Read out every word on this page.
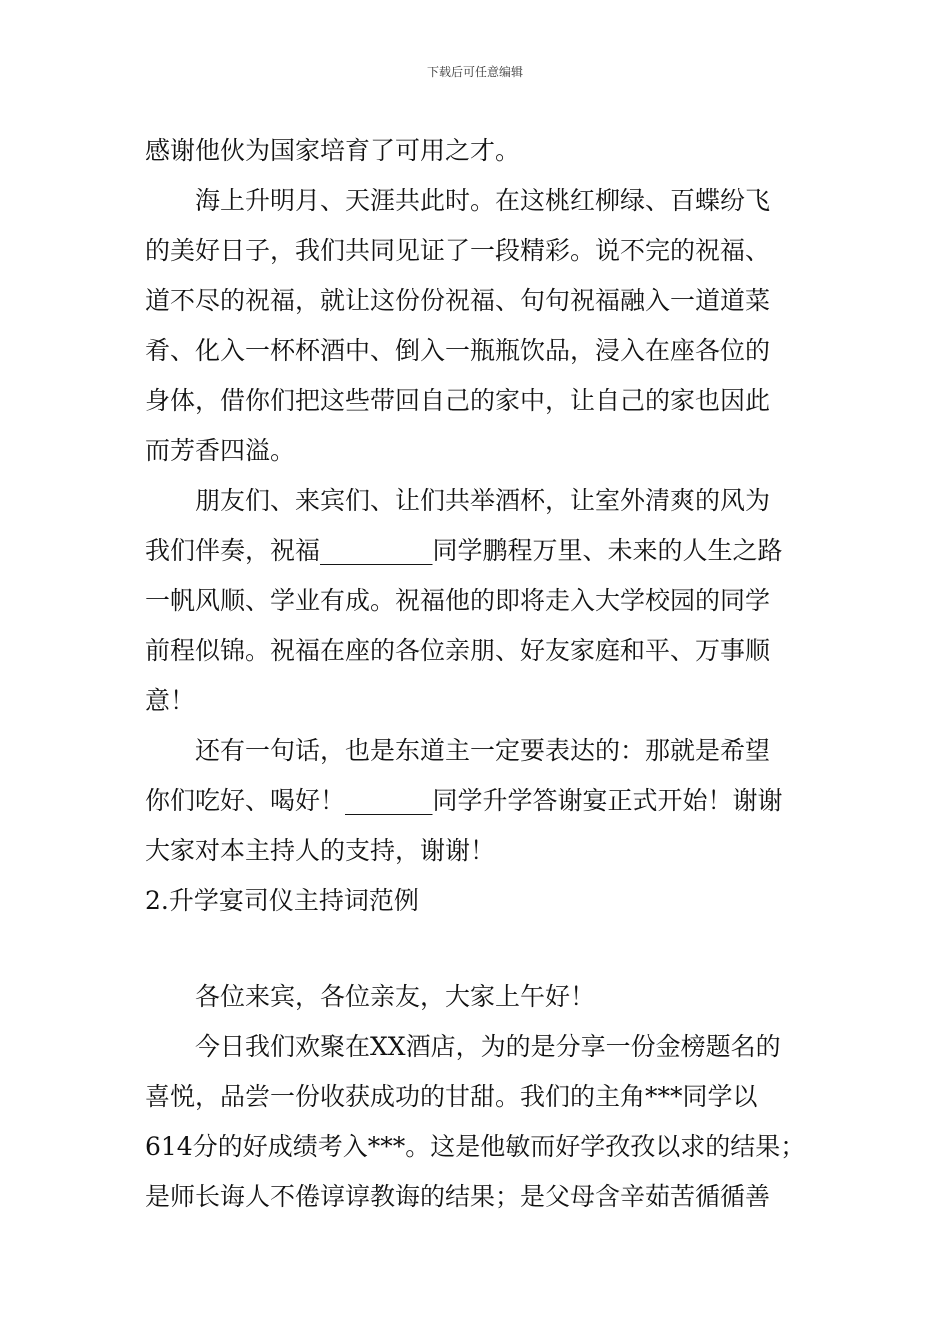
下载后可任意编辑
感谢他伙为国家培育了可用之才。
海上升明月、天涯共此时。在这桃红柳绿、百蝶纷飞
的美好日子，我们共同见证了一段精彩。说不完的祝福、
道不尽的祝福，就让这份份祝福、句句祝福融入一道道菜
肴、化入一杯杯酒中、倒入一瓶瓶饮品，浸入在座各位的
身体，借你们把这些带回自己的家中，让自己的家也因此
而芳香四溢。
朋友们、来宾们、让们共举酒杯，让室外清爽的风为
我们伴奏，祝福_________同学鹏程万里、未来的人生之路
一帆风顺、学业有成。祝福他的即将走入大学校园的同学
前程似锦。祝福在座的各位亲朋、好友家庭和平、万事顺
意！
还有一句话，也是东道主一定要表达的：那就是希望
你们吃好、喝好！_______同学升学答谢宴正式开始！谢谢
大家对本主持人的支持，谢谢！
2.升学宴司仪主持词范例
各位来宾，各位亲友，大家上午好！
今日我们欢聚在XX酒店，为的是分享一份金榜题名的
喜悦，品尝一份收获成功的甘甜。我们的主角***同学以
614分的好成绩考入***。这是他敏而好学孜孜以求的结果；
是师长诲人不倦谆谆教诲的结果；是父母含辛茹苦循循善
